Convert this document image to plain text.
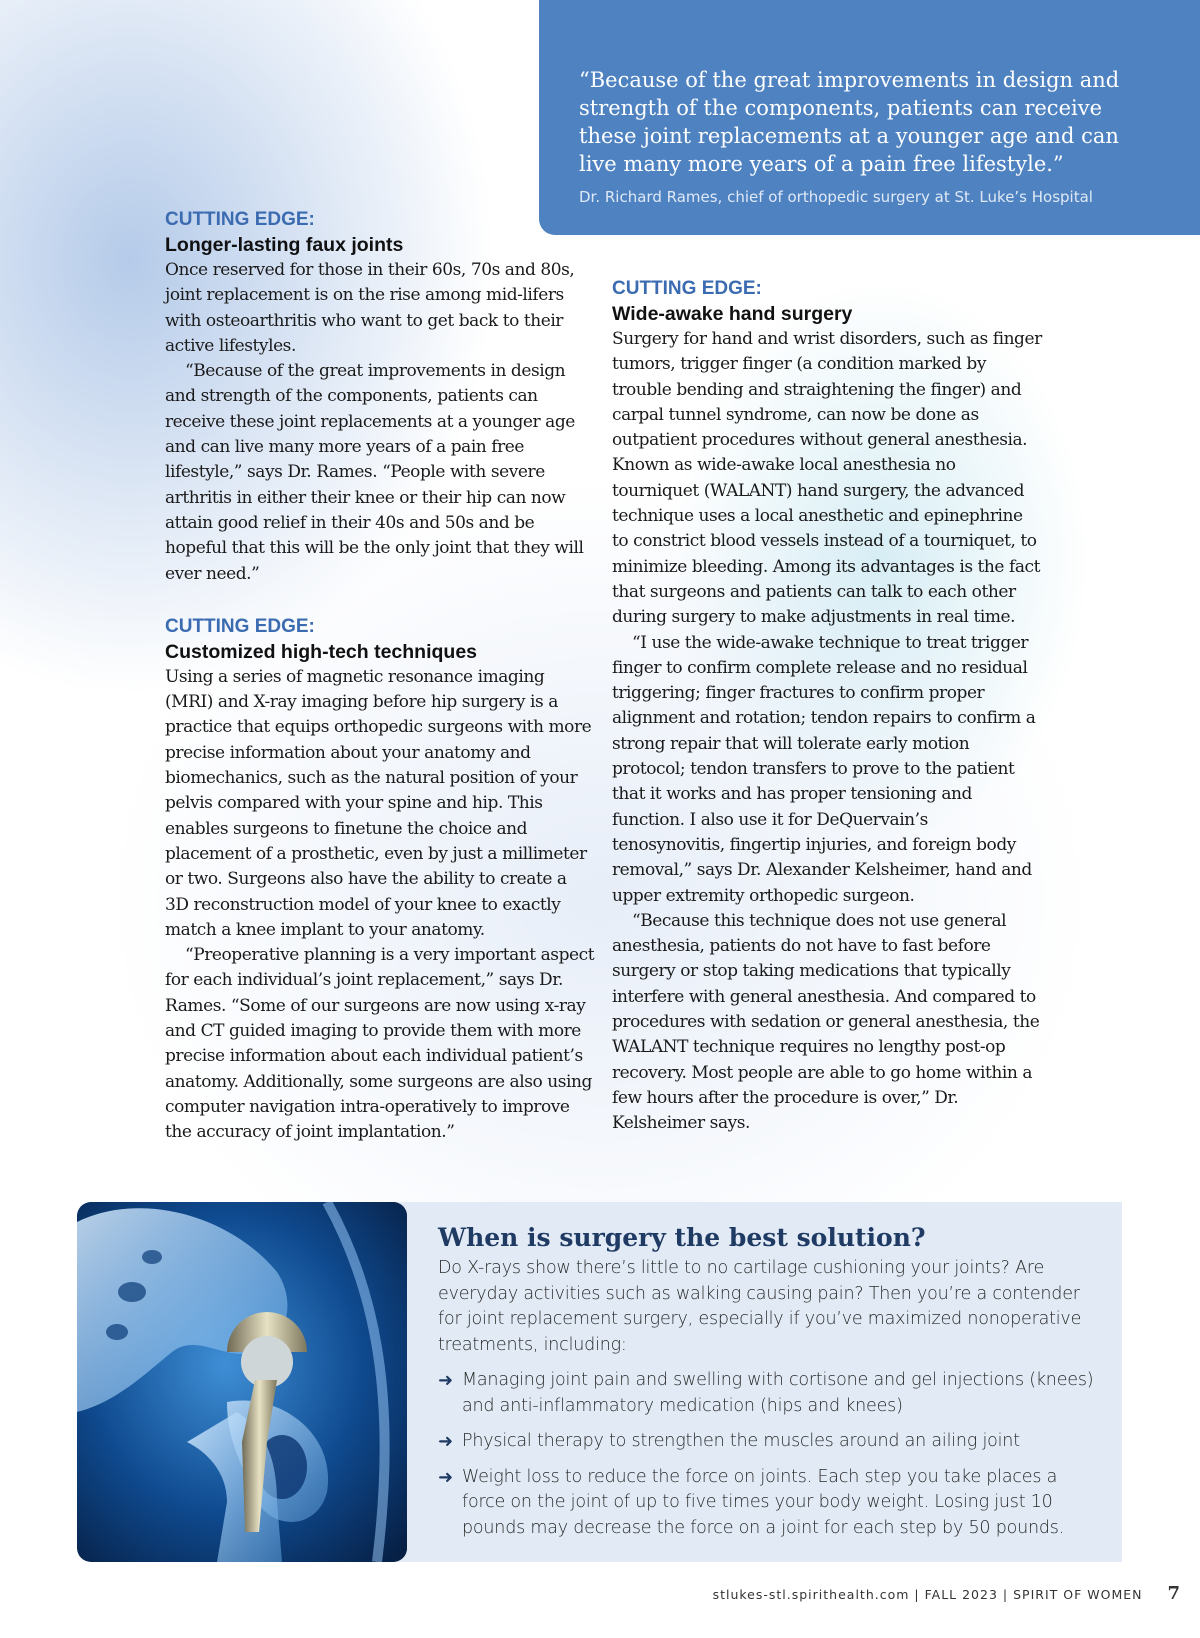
“Because of the great improvements in design and strength of the components, patients can receive these joint replacements at a younger age and can live many more years of a pain free lifestyle.”

Dr. Richard Rames, chief of orthopedic surgery at St. Luke’s Hospital
CUTTING EDGE:
Longer-lasting faux joints

Once reserved for those in their 60s, 70s and 80s, joint replacement is on the rise among mid-lifers with osteoarthritis who want to get back to their active lifestyles.

“Because of the great improvements in design and strength of the components, patients can receive these joint replacements at a younger age and can live many more years of a pain free lifestyle,” says Dr. Rames. “People with severe arthritis in either their knee or their hip can now attain good relief in their 40s and 50s and be hopeful that this will be the only joint that they will ever need.”

CUTTING EDGE:
Customized high-tech techniques

Using a series of magnetic resonance imaging (MRI) and X-ray imaging before hip surgery is a practice that equips orthopedic surgeons with more precise information about your anatomy and biomechanics, such as the natural position of your pelvis compared with your spine and hip. This enables surgeons to finetune the choice and placement of a prosthetic, even by just a millimeter or two. Surgeons also have the ability to create a 3D reconstruction model of your knee to exactly match a knee implant to your anatomy.

“Preoperative planning is a very important aspect for each individual’s joint replacement,” says Dr. Rames. “Some of our surgeons are now using x-ray and CT guided imaging to provide them with more precise information about each individual patient’s anatomy. Additionally, some surgeons are also using computer navigation intra-operatively to improve the accuracy of joint implantation.”

CUTTING EDGE:
Wide-awake hand surgery

Surgery for hand and wrist disorders, such as finger tumors, trigger finger (a condition marked by trouble bending and straightening the finger) and carpal tunnel syndrome, can now be done as outpatient procedures without general anesthesia. Known as wide-awake local anesthesia no tourniquet (WALANT) hand surgery, the advanced technique uses a local anesthetic and epinephrine to constrict blood vessels instead of a tourniquet, to minimize bleeding. Among its advantages is the fact that surgeons and patients can talk to each other during surgery to make adjustments in real time.

“I use the wide-awake technique to treat trigger finger to confirm complete release and no residual triggering; finger fractures to confirm proper alignment and rotation; tendon repairs to confirm a strong repair that will tolerate early motion protocol; tendon transfers to prove to the patient that it works and has proper tensioning and function. I also use it for DeQuervain’s tenosynovitis, fingertip injuries, and foreign body removal,” says Dr. Alexander Kelsheimer, hand and upper extremity orthopedic surgeon.

“Because this technique does not use general anesthesia, patients do not have to fast before surgery or stop taking medications that typically interfere with general anesthesia. And compared to procedures with sedation or general anesthesia, the WALANT technique requires no lengthy post-op recovery. Most people are able to go home within a few hours after the procedure is over,” Dr. Kelsheimer says.

When is surgery the best solution?

Do X-rays show there’s little to no cartilage cushioning your joints? Are everyday activities such as walking causing pain? Then you’re a contender for joint replacement surgery, especially if you’ve maximized nonoperative treatments, including:

➜ Managing joint pain and swelling with cortisone and gel injections (knees) and anti-inflammatory medication (hips and knees)
➜ Physical therapy to strengthen the muscles around an ailing joint
➜ Weight loss to reduce the force on joints. Each step you take places a force on the joint of up to five times your body weight. Losing just 10 pounds may decrease the force on a joint for each step by 50 pounds.
stlukes-stl.spirithealth.com | FALL 2023 | SPIRIT OF WOMEN 7
